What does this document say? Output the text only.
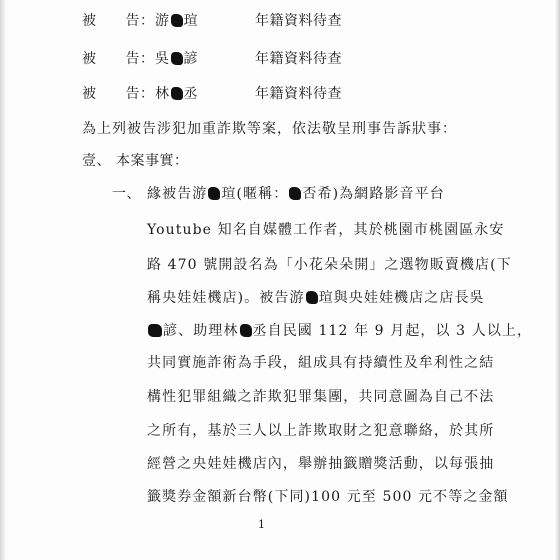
被　　告： 游 瑄	年籍資料待查
被　　告： 吳 諺	年籍資料待查
被　　告： 林 丞	年籍資料待查
為上列被告涉犯加重詐欺等案，依法敬呈刑事告訴狀事：
壹、 本案事實：
一、 緣被告游 瑄(暱稱： 否希)為網路影音平台
Youtube 知名自媒體工作者，其於桃園市桃園區永安
路 470 號開設名為「小花朵朵開」之選物販賣機店(下
稱央娃娃機店)。被告游 瑄與央娃娃機店之店長吳
諺、助理林 丞自民國 112 年 9 月起，以 3 人以上，
共同實施詐術為手段，組成具有持續性及牟利性之結
構性犯罪組織之詐欺犯罪集團，共同意圖為自己不法
之所有，基於三人以上詐欺取財之犯意聯絡，於其所
經營之央娃娃機店內，舉辦抽籤贈獎活動，以每張抽
籤獎券金額新台幣(下同)100 元至 500 元不等之金額
1
